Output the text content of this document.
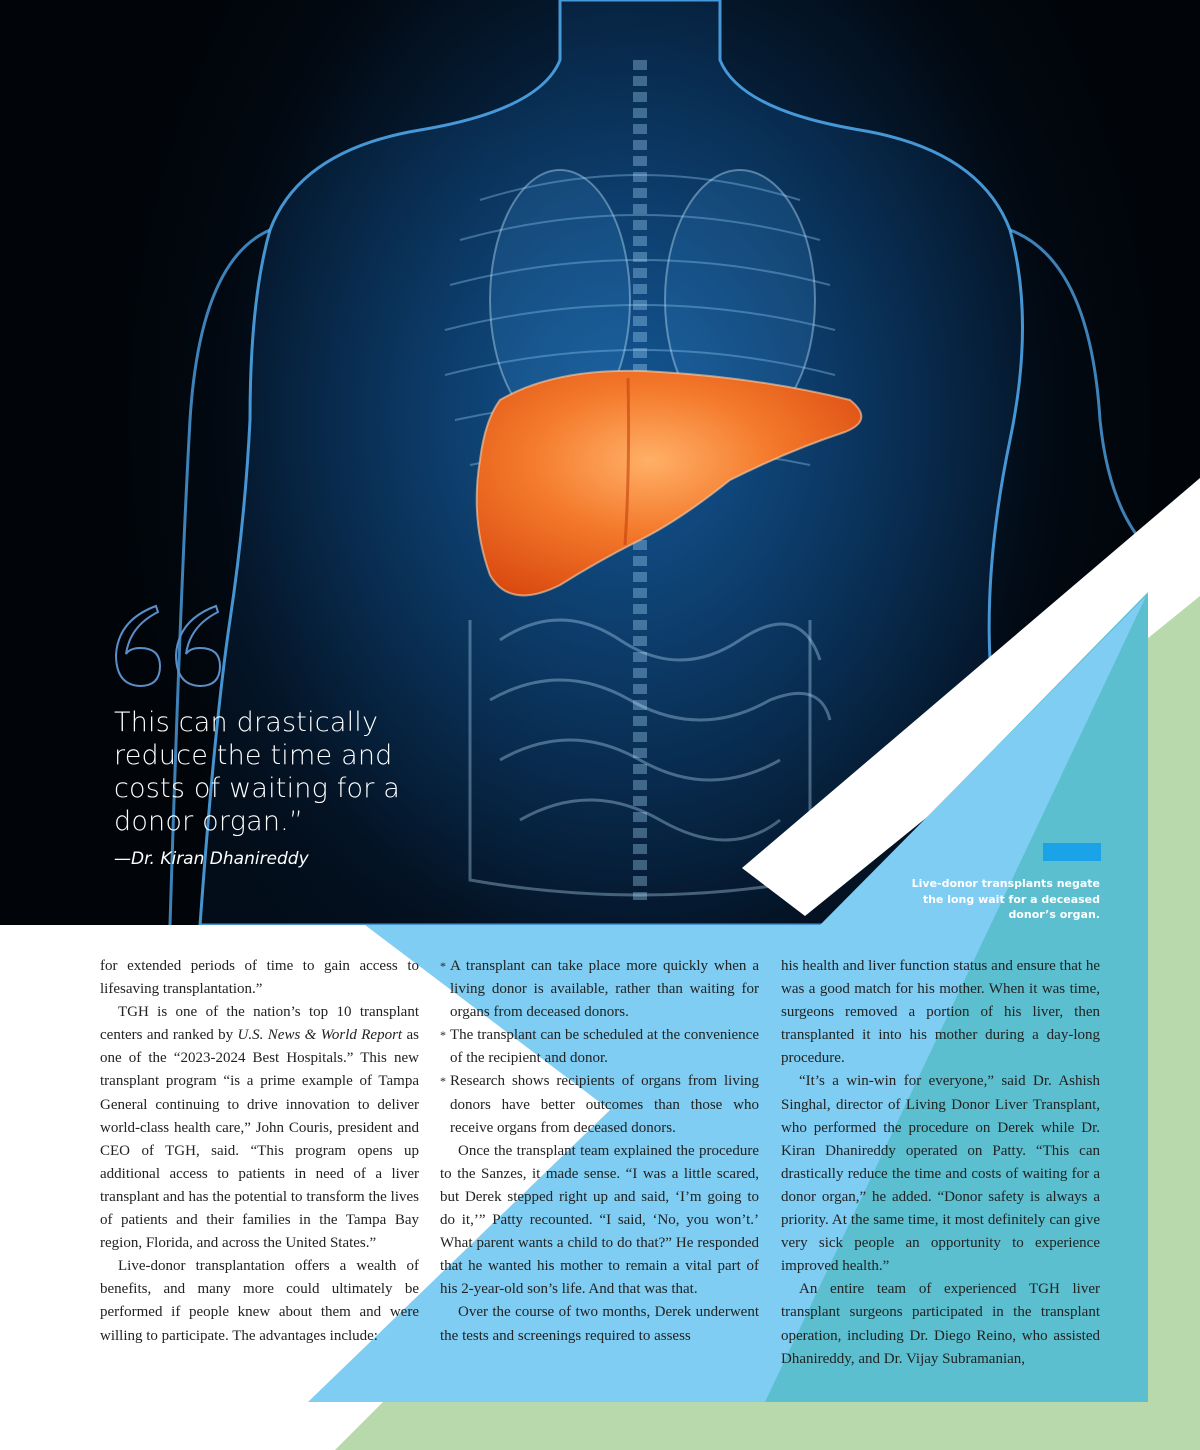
This can drastically reduce the time and costs of waiting for a donor organ.”

—Dr. Kiran Dhanireddy

Live-donor transplants negate the long wait for a deceased donor’s organ.

for extended periods of time to gain access to lifesaving transplantation.”

TGH is one of the nation’s top 10 transplant centers and ranked by U.S. News & World Report as one of the “2023-2024 Best Hospitals.” This new transplant program “is a prime example of Tampa General continuing to drive innovation to deliver world-class health care,” John Couris, president and CEO of TGH, said. “This program opens up additional access to patients in need of a liver transplant and has the potential to transform the lives of patients and their families in the Tampa Bay region, Florida, and across the United States.”

Live-donor transplantation offers a wealth of benefits, and many more could ultimately be performed if people knew about them and were willing to participate. The advantages include:

* A transplant can take place more quickly when a living donor is available, rather than waiting for organs from deceased donors.
* The transplant can be scheduled at the convenience of the recipient and donor.
* Research shows recipients of organs from living donors have better outcomes than those who receive organs from deceased donors.

Once the transplant team explained the procedure to the Sanzes, it made sense. “I was a little scared, but Derek stepped right up and said, ‘I’m going to do it,’” Patty recounted. “I said, ‘No, you won’t.’ What parent wants a child to do that?” He responded that he wanted his mother to remain a vital part of his 2-year-old son’s life. And that was that.

Over the course of two months, Derek underwent the tests and screenings required to assess

his health and liver function status and ensure that he was a good match for his mother. When it was time, surgeons removed a portion of his liver, then transplanted it into his mother during a day-long procedure.

“It’s a win-win for everyone,” said Dr. Ashish Singhal, director of Living Donor Liver Transplant, who performed the procedure on Derek while Dr. Kiran Dhanireddy operated on Patty. “This can drastically reduce the time and costs of waiting for a donor organ,” he added. “Donor safety is always a priority. At the same time, it most definitely can give very sick people an opportunity to experience improved health.”

An entire team of experienced TGH liver transplant surgeons participated in the transplant operation, including Dr. Diego Reino, who assisted Dhanireddy, and Dr. Vijay Subramanian,
